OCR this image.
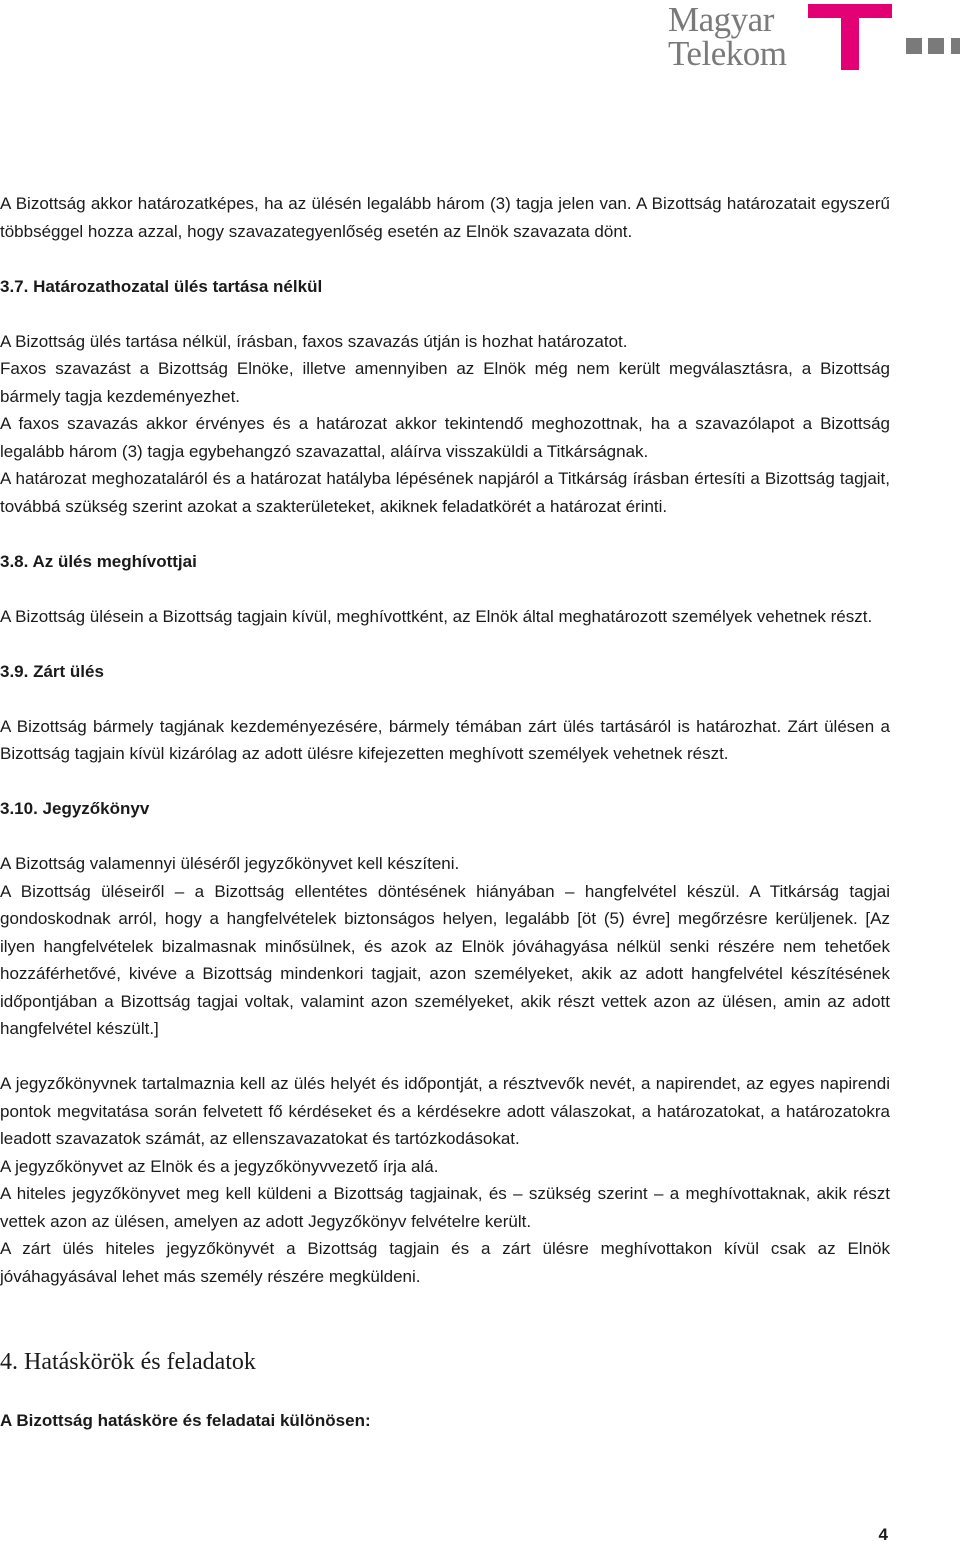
Magyar
Telekom

A Bizottság akkor határozatképes, ha az ülésén legalább három (3) tagja jelen van. A Bizottság határozatait egyszerű többséggel hozza azzal, hogy szavazategyenlőség esetén az Elnök szavazata dönt.

3.7. Határozathozatal ülés tartása nélkül

A Bizottság ülés tartása nélkül, írásban, faxos szavazás útján is hozhat határozatot.

Faxos szavazást a Bizottság Elnöke, illetve amennyiben az Elnök még nem került megválasztásra, a Bizottság bármely tagja kezdeményezhet.

A faxos szavazás akkor érvényes és a határozat akkor tekintendő meghozottnak, ha a szavazólapot a Bizottság legalább három (3) tagja egybehangzó szavazattal, aláírva visszaküldi a Titkárságnak.

A határozat meghozataláról és a határozat hatályba lépésének napjáról a Titkárság írásban értesíti a Bizottság tagjait, továbbá szükség szerint azokat a szakterületeket, akiknek feladatkörét a határozat érinti.

3.8. Az ülés meghívottjai

A Bizottság ülésein a Bizottság tagjain kívül, meghívottként, az Elnök által meghatározott személyek vehetnek részt.

3.9. Zárt ülés

A Bizottság bármely tagjának kezdeményezésére, bármely témában zárt ülés tartásáról is határozhat. Zárt ülésen a Bizottság tagjain kívül kizárólag az adott ülésre kifejezetten meghívott személyek vehetnek részt.

3.10. Jegyzőkönyv

A Bizottság valamennyi üléséről jegyzőkönyvet kell készíteni.

A Bizottság üléseiről – a Bizottság ellentétes döntésének hiányában – hangfelvétel készül. A Titkárság tagjai gondoskodnak arról, hogy a hangfelvételek biztonságos helyen, legalább [öt (5) évre] megőrzésre kerüljenek. [Az ilyen hangfelvételek bizalmasnak minősülnek, és azok az Elnök jóváhagyása nélkül senki részére nem tehetőek hozzáférhetővé, kivéve a Bizottság mindenkori tagjait, azon személyeket, akik az adott hangfelvétel készítésének időpontjában a Bizottság tagjai voltak, valamint azon személyeket, akik részt vettek azon az ülésen, amin az adott hangfelvétel készült.]

A jegyzőkönyvnek tartalmaznia kell az ülés helyét és időpontját, a résztvevők nevét, a napirendet, az egyes napirendi pontok megvitatása során felvetett fő kérdéseket és a kérdésekre adott válaszokat, a határozatokat, a határozatokra leadott szavazatok számát, az ellenszavazatokat és tartózkodásokat.

A jegyzőkönyvet az Elnök és a jegyzőkönyvvezető írja alá.

A hiteles jegyzőkönyvet meg kell küldeni a Bizottság tagjainak, és – szükség szerint – a meghívottaknak, akik részt vettek azon az ülésen, amelyen az adott Jegyzőkönyv felvételre került.

A zárt ülés hiteles jegyzőkönyvét a Bizottság tagjain és a zárt ülésre meghívottakon kívül csak az Elnök jóváhagyásával lehet más személy részére megküldeni.

4. Hatáskörök és feladatok
A Bizottság hatásköre és feladatai különösen:
4
